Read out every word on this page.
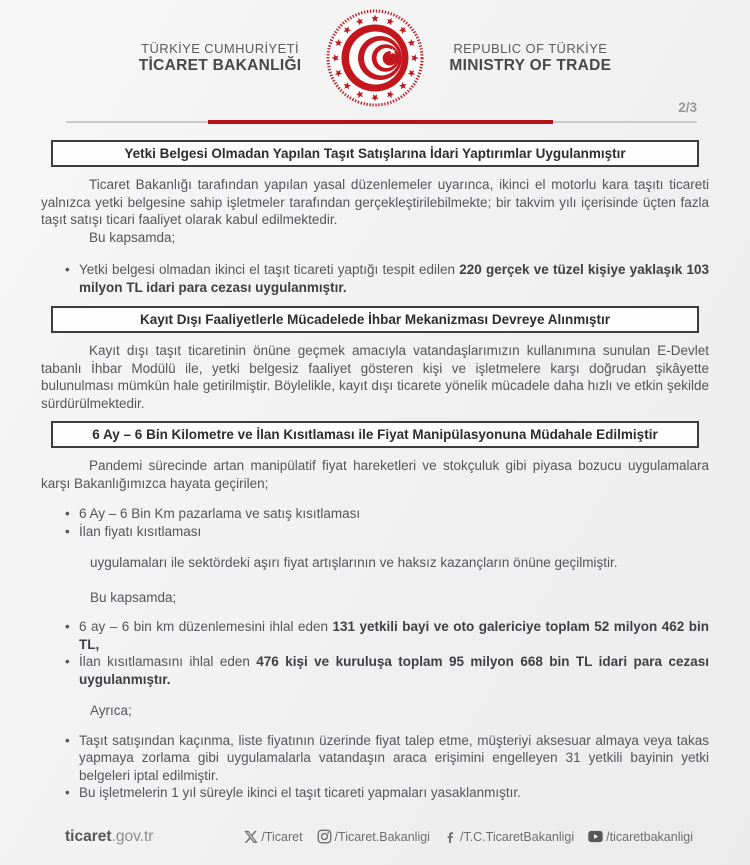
TÜRKİYE CUMHURİYETİ
TİCARET BAKANLIĞI
REPUBLIC OF TÜRKİYE
MINISTRY OF TRADE
2/3
Yetki Belgesi Olmadan Yapılan Taşıt Satışlarına İdari Yaptırımlar Uygulanmıştır

Ticaret Bakanlığı tarafından yapılan yasal düzenlemeler uyarınca, ikinci el motorlu kara taşıtı ticareti yalnızca yetki belgesine sahip işletmeler tarafından gerçekleştirilebilmekte; bir takvim yılı içerisinde üçten fazla taşıt satışı ticari faaliyet olarak kabul edilmektedir.

Bu kapsamda;

• Yetki belgesi olmadan ikinci el taşıt ticareti yaptığı tespit edilen 220 gerçek ve tüzel kişiye yaklaşık 103 milyon TL idari para cezası uygulanmıştır.
Kayıt Dışı Faaliyetlerle Mücadelede İhbar Mekanizması Devreye Alınmıştır

Kayıt dışı taşıt ticaretinin önüne geçmek amacıyla vatandaşlarımızın kullanımına sunulan E-Devlet tabanlı İhbar Modülü ile, yetki belgesiz faaliyet gösteren kişi ve işletmelere karşı doğrudan şikâyette bulunulması mümkün hale getirilmiştir. Böylelikle, kayıt dışı ticarete yönelik mücadele daha hızlı ve etkin şekilde sürdürülmektedir.

6 Ay – 6 Bin Kilometre ve İlan Kısıtlaması ile Fiyat Manipülasyonuna Müdahale Edilmiştir

Pandemi sürecinde artan manipülatif fiyat hareketleri ve stokçuluk gibi piyasa bozucu uygulamalara karşı Bakanlığımızca hayata geçirilen;

• 6 Ay – 6 Bin Km pazarlama ve satış kısıtlaması
• İlan fiyatı kısıtlaması
uygulamaları ile sektördeki aşırı fiyat artışlarının ve haksız kazançların önüne geçilmiştir.
Bu kapsamda;
• 6 ay – 6 bin km düzenlemesini ihlal eden 131 yetkili bayi ve oto galericiye toplam 52 milyon 462 bin TL,
• İlan kısıtlamasını ihlal eden 476 kişi ve kuruluşa toplam 95 milyon 668 bin TL idari para cezası uygulanmıştır.
Ayrıca;
• Taşıt satışından kaçınma, liste fiyatının üzerinde fiyat talep etme, müşteriyi aksesuar almaya veya takas yapmaya zorlama gibi uygulamalarla vatandaşın araca erişimini engelleyen 31 yetkili bayinin yetki belgeleri iptal edilmiştir.
• Bu işletmelerin 1 yıl süreyle ikinci el taşıt ticareti yapmaları yasaklanmıştır.
ticaret.gov.tr	/Ticaret	/Ticaret.Bakanligi /T.C.TicaretBakanligi	/ticaretbakanligi
